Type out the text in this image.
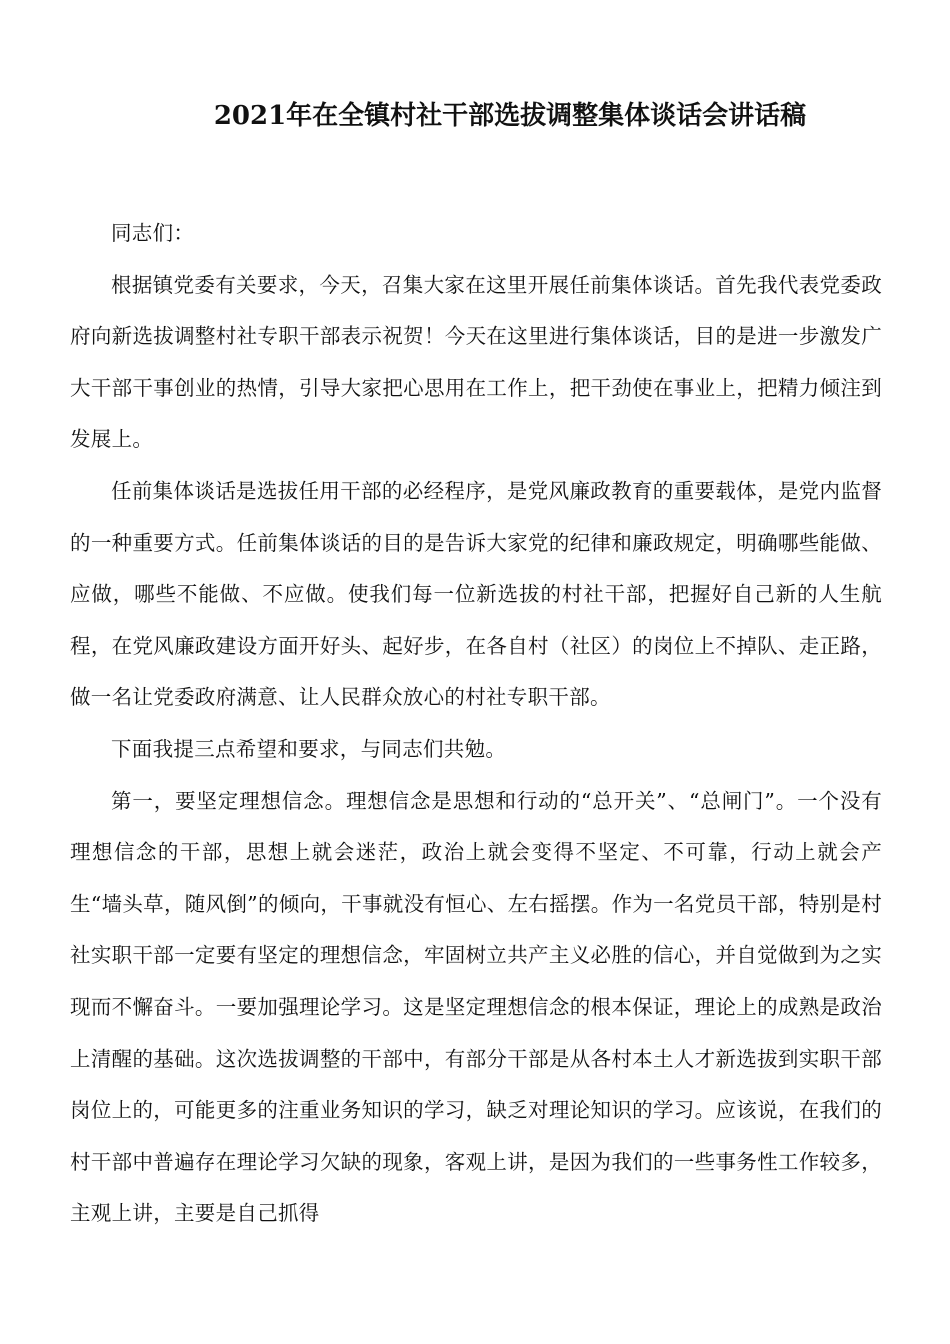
2021年在全镇村社干部选拔调整集体谈话会讲话稿

同志们：

根据镇党委有关要求，今天，召集大家在这里开展任前集体谈话。首先我代表党委政府向新选拔调整村社专职干部表示祝贺！今天在这里进行集体谈话，目的是进一步激发广大干部干事创业的热情，引导大家把心思用在工作上，把干劲使在事业上，把精力倾注到发展上。

任前集体谈话是选拔任用干部的必经程序，是党风廉政教育的重要载体，是党内监督的一种重要方式。任前集体谈话的目的是告诉大家党的纪律和廉政规定，明确哪些能做、应做，哪些不能做、不应做。使我们每一位新选拔的村社干部，把握好自己新的人生航程，在党风廉政建设方面开好头、起好步，在各自村（社区）的岗位上不掉队、走正路，做一名让党委政府满意、让人民群众放心的村社专职干部。

下面我提三点希望和要求，与同志们共勉。

第一，要坚定理想信念。理想信念是思想和行动的“总开关”、“总闸门”。一个没有理想信念的干部，思想上就会迷茫，政治上就会变得不坚定、不可靠，行动上就会产生“墙头草，随风倒”的倾向，干事就没有恒心、左右摇摆。作为一名党员干部，特别是村社实职干部一定要有坚定的理想信念，牢固树立共产主义必胜的信心，并自觉做到为之实现而不懈奋斗。一要加强理论学习。这是坚定理想信念的根本保证，理论上的成熟是政治上清醒的基础。这次选拔调整的干部中，有部分干部是从各村本土人才新选拔到实职干部岗位上的，可能更多的注重业务知识的学习，缺乏对理论知识的学习。应该说，在我们的村干部中普遍存在理论学习欠缺的现象，客观上讲，是因为我们的一些事务性工作较多，主观上讲，主要是自己抓得
